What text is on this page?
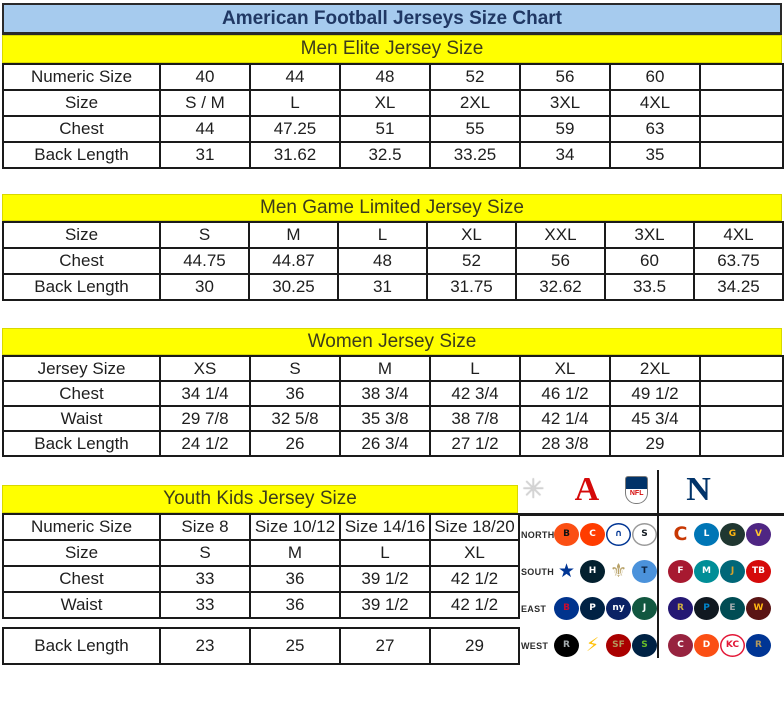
American Football Jerseys Size Chart
Men Elite Jersey Size
Numeric Size	40	44	48	52	56	60	
Size	S / M	L	XL	2XL	3XL	4XL	
Chest	44	47.25	51	55	59	63	
Back Length	31	31.62	32.5	33.25	34	35	
Men Game Limited Jersey Size
Size	S	M	L	XL	XXL	3XL	4XL
Chest	44.75	44.87	48	52	56	60	63.75
Back Length	30	30.25	31	31.75	32.62	33.5	34.25
Women Jersey Size
Jersey Size	XS	S	M	L	XL	2XL	
Chest	34 1/4	36	38 3/4	42 3/4	46 1/2	49 1/2	
Waist	29 7/8	32 5/8	35 3/8	38 7/8	42 1/4	45 3/4	
Back Length	24 1/2	26	26 3/4	27 1/2	28 3/8	29	
Youth Kids Jersey Size
Numeric Size	Size 8	Size 10/12	Size 14/16	Size 18/20
Size	S	M	L	XL
Chest	33	36	39 1/2	42 1/2
Waist	33	36	39 1/2	42 1/2
Back Length	23	25	27	29
✳ A	NFL N
NORTH B	C	∩	S	C	L	G	V
SOUTH ★	H ⚜	T	F	M	J	TB
EAST	B	P	ny	J	R	P	E	W
WEST	R ⚡	SF	S	C	D	KC	R
